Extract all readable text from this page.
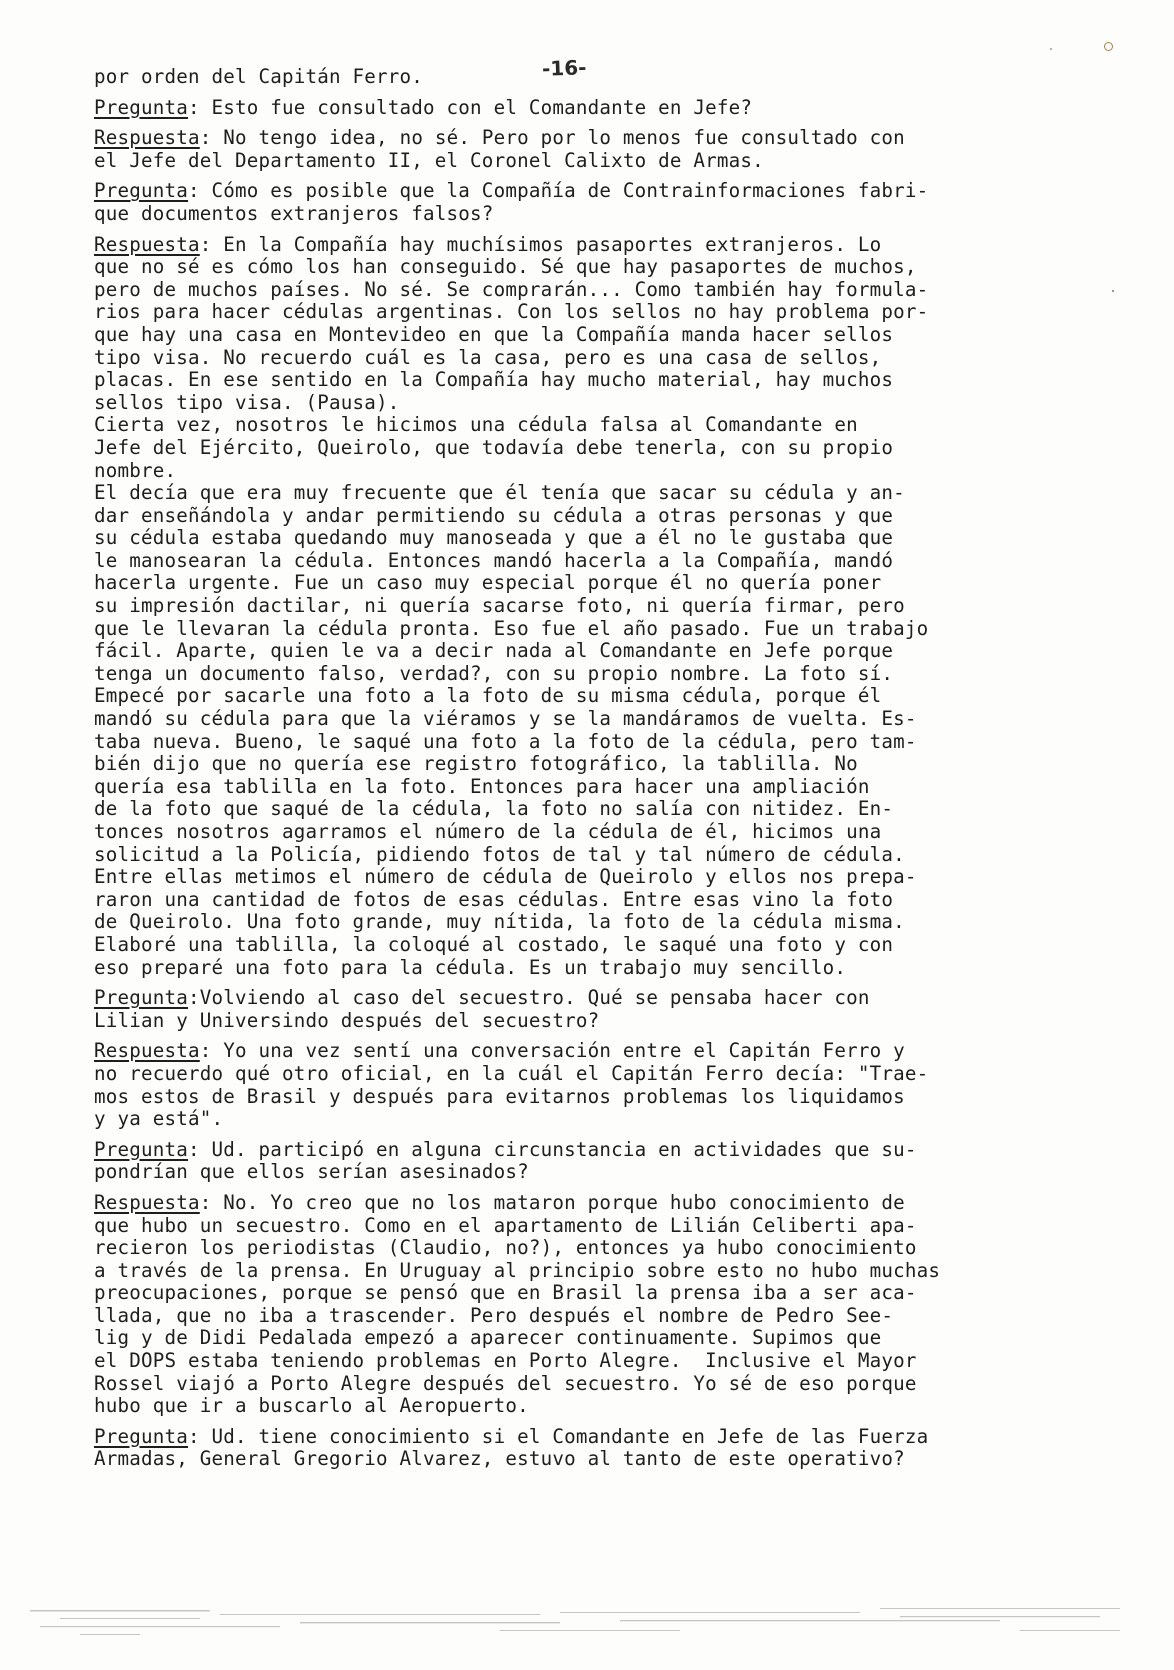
-16-
por orden del Capitán Ferro.
Pregunta: Esto fue consultado con el Comandante en Jefe?
Respuesta: No tengo idea, no sé. Pero por lo menos fue consultado con
el Jefe del Departamento II, el Coronel Calixto de Armas.
Pregunta: Cómo es posible que la Compañía de Contrainformaciones fabri-
que documentos extranjeros falsos?
Respuesta: En la Compañía hay muchísimos pasaportes extranjeros. Lo
que no sé es cómo los han conseguido. Sé que hay pasaportes de muchos,
pero de muchos países. No sé. Se comprarán... Como también hay formula-
rios para hacer cédulas argentinas. Con los sellos no hay problema por-
que hay una casa en Montevideo en que la Compañía manda hacer sellos
tipo visa. No recuerdo cuál es la casa, pero es una casa de sellos,
placas. En ese sentido en la Compañía hay mucho material, hay muchos
sellos tipo visa. (Pausa).
Cierta vez, nosotros le hicimos una cédula falsa al Comandante en
Jefe del Ejército, Queirolo, que todavía debe tenerla, con su propio
nombre.
El decía que era muy frecuente que él tenía que sacar su cédula y an-
dar enseñándola y andar permitiendo su cédula a otras personas y que
su cédula estaba quedando muy manoseada y que a él no le gustaba que
le manosearan la cédula. Entonces mandó hacerla a la Compañía, mandó
hacerla urgente. Fue un caso muy especial porque él no quería poner
su impresión dactilar, ni quería sacarse foto, ni quería firmar, pero
que le llevaran la cédula pronta. Eso fue el año pasado. Fue un trabajo
fácil. Aparte, quien le va a decir nada al Comandante en Jefe porque
tenga un documento falso, verdad?, con su propio nombre. La foto sí.
Empecé por sacarle una foto a la foto de su misma cédula, porque él
mandó su cédula para que la viéramos y se la mandáramos de vuelta. Es-
taba nueva. Bueno, le saqué una foto a la foto de la cédula, pero tam-
bién dijo que no quería ese registro fotográfico, la tablilla. No
quería esa tablilla en la foto. Entonces para hacer una ampliación
de la foto que saqué de la cédula, la foto no salía con nitidez. En-
tonces nosotros agarramos el número de la cédula de él, hicimos una
solicitud a la Policía, pidiendo fotos de tal y tal número de cédula.
Entre ellas metimos el número de cédula de Queirolo y ellos nos prepa-
raron una cantidad de fotos de esas cédulas. Entre esas vino la foto
de Queirolo. Una foto grande, muy nítida, la foto de la cédula misma.
Elaboré una tablilla, la coloqué al costado, le saqué una foto y con
eso preparé una foto para la cédula. Es un trabajo muy sencillo.
Pregunta:Volviendo al caso del secuestro. Qué se pensaba hacer con
Lilian y Universindo después del secuestro?
Respuesta: Yo una vez sentí una conversación entre el Capitán Ferro y
no recuerdo qué otro oficial, en la cuál el Capitán Ferro decía: "Trae-
mos estos de Brasil y después para evitarnos problemas los liquidamos
y ya está".
Pregunta: Ud. participó en alguna circunstancia en actividades que su-
pondrían que ellos serían asesinados?
Respuesta: No. Yo creo que no los mataron porque hubo conocimiento de
que hubo un secuestro. Como en el apartamento de Lilián Celiberti apa-
recieron los periodistas (Claudio, no?), entonces ya hubo conocimiento
a través de la prensa. En Uruguay al principio sobre esto no hubo muchas
preocupaciones, porque se pensó que en Brasil la prensa iba a ser aca-
llada, que no iba a trascender. Pero después el nombre de Pedro See-
lig y de Didi Pedalada empezó a aparecer continuamente. Supimos que
el DOPS estaba teniendo problemas en Porto Alegre.  Inclusive el Mayor
Rossel viajó a Porto Alegre después del secuestro. Yo sé de eso porque
hubo que ir a buscarlo al Aeropuerto.
Pregunta: Ud. tiene conocimiento si el Comandante en Jefe de las Fuerza
Armadas, General Gregorio Alvarez, estuvo al tanto de este operativo?
